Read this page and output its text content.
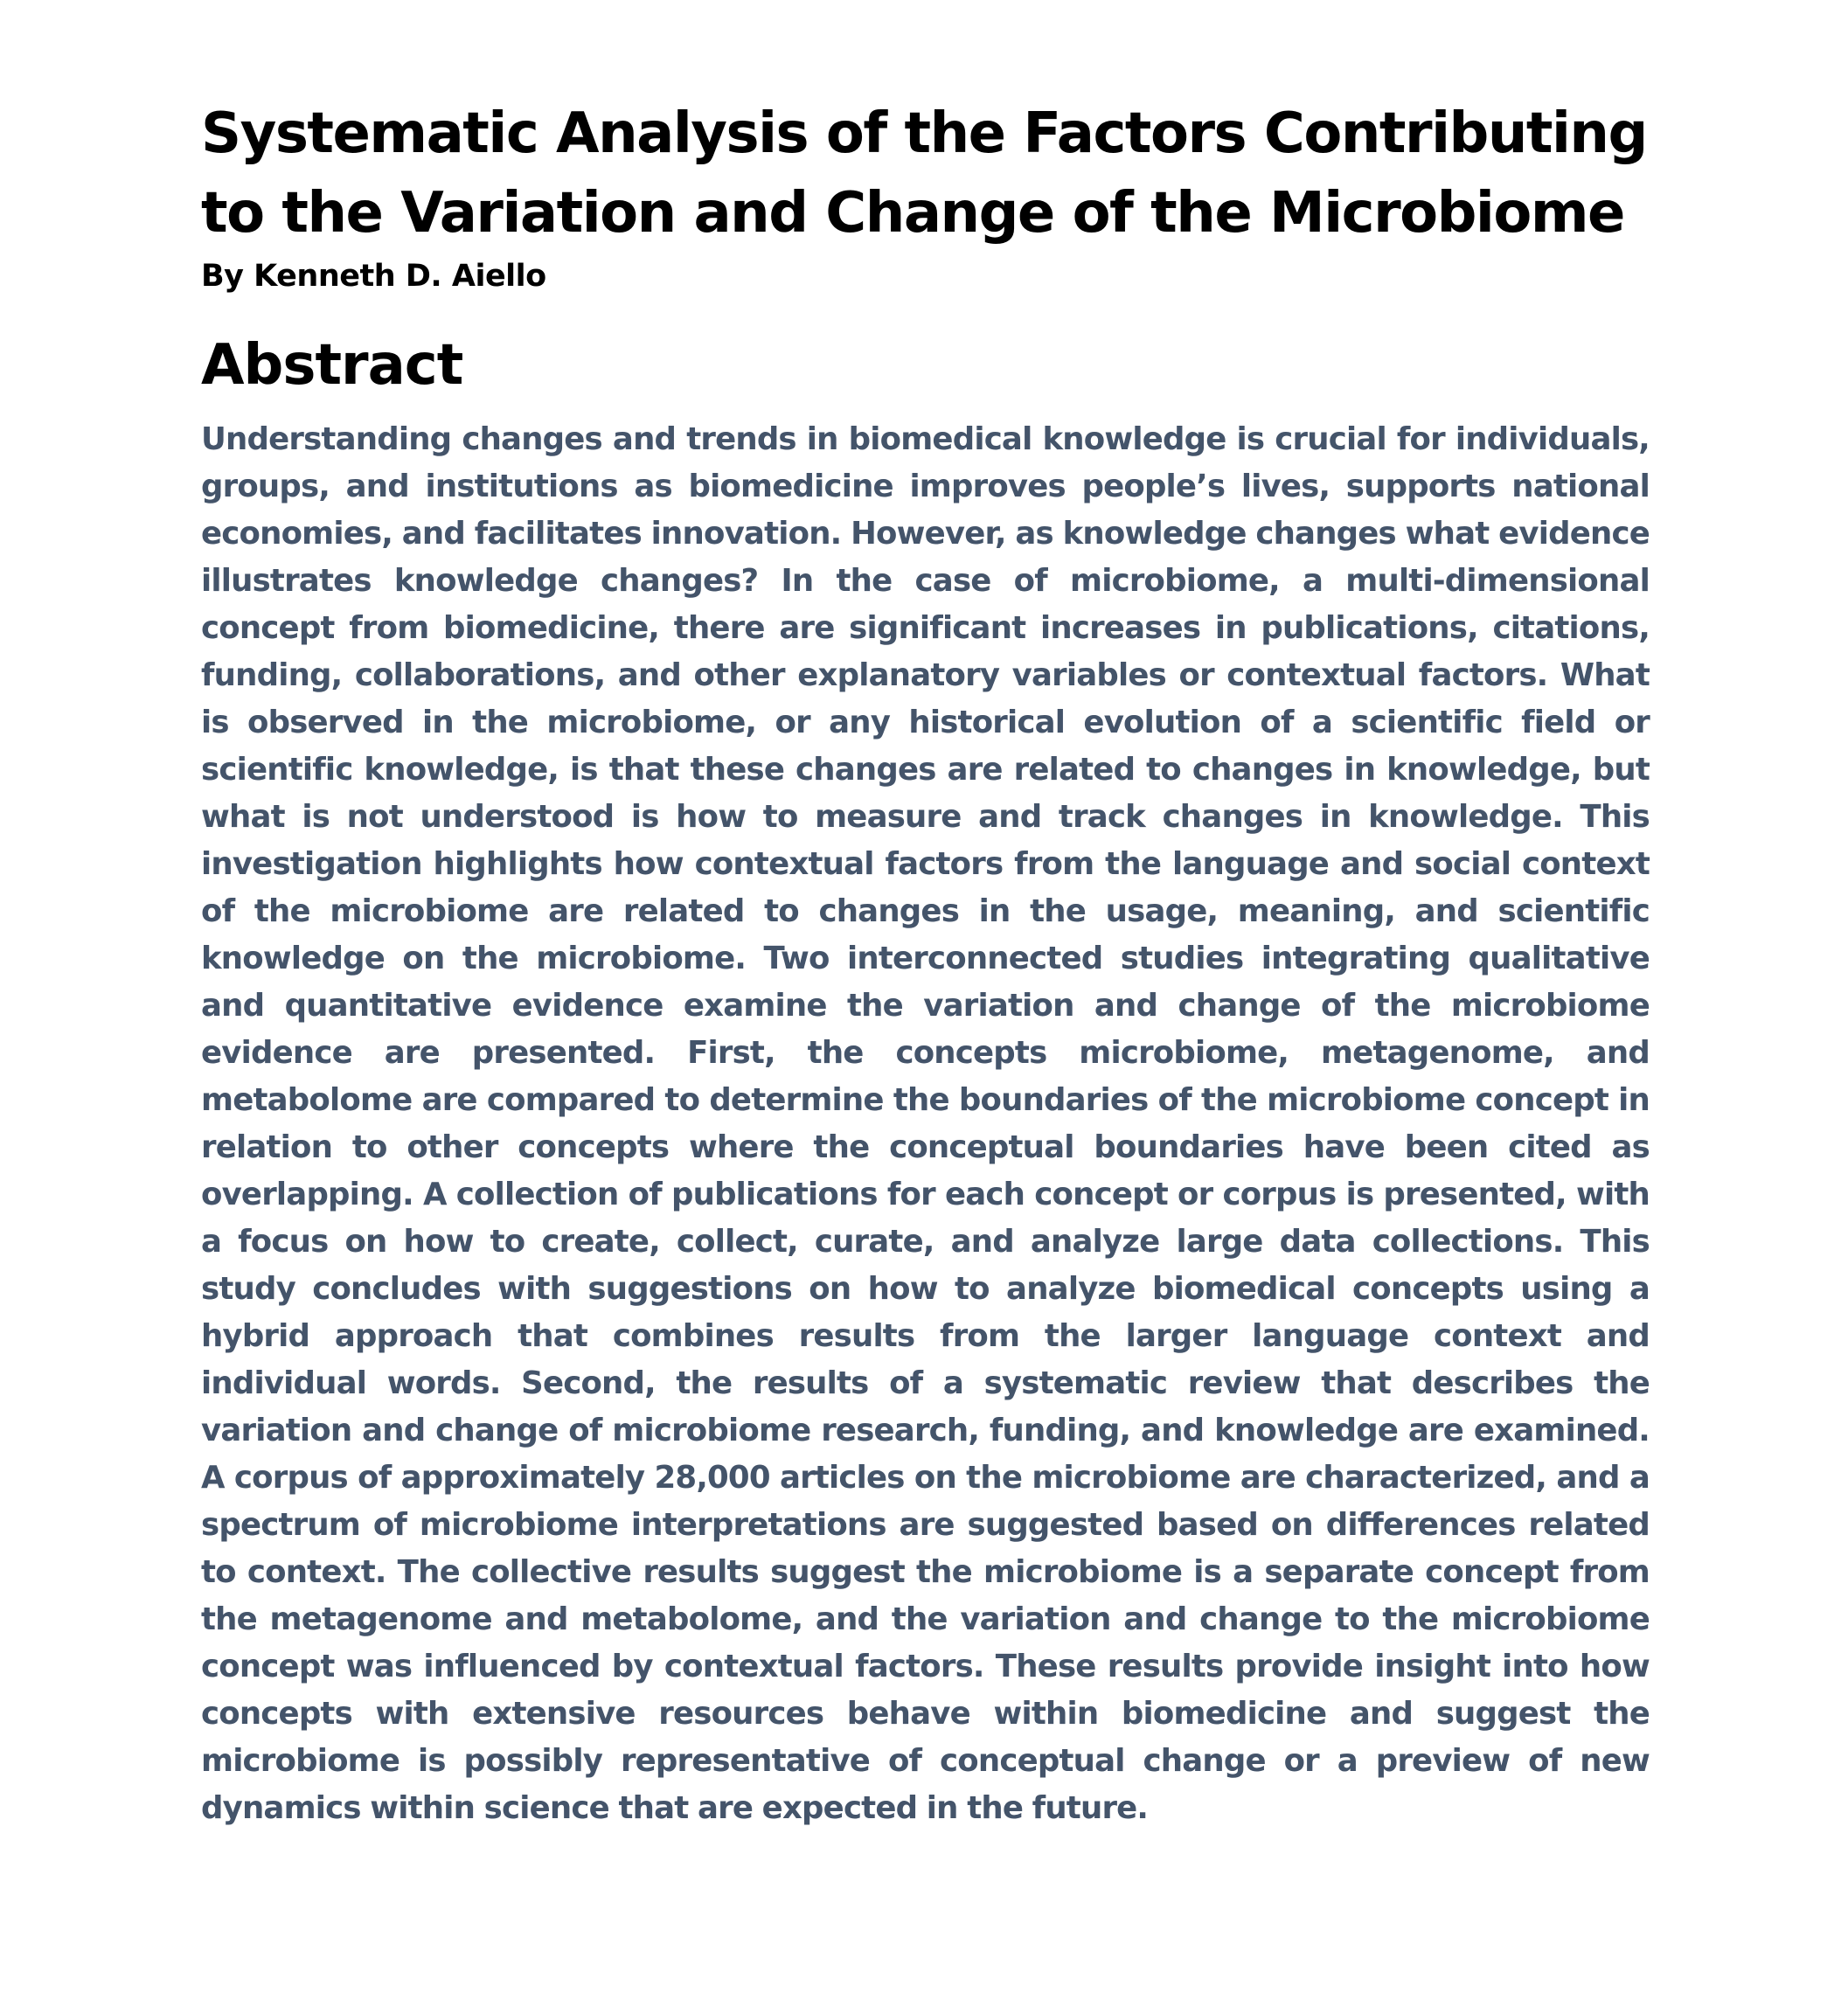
Systematic Analysis of the Factors Contributing to the Variation and Change of the Microbiome

By Kenneth D. Aiello

Abstract

Understanding changes and trends in biomedical knowledge is crucial for individuals, groups, and institutions as biomedicine improves people’s lives, supports national economies, and facilitates innovation. However, as knowledge changes what evidence illustrates knowledge changes? In the case of microbiome, a multi-dimensional concept from biomedicine, there are significant increases in publications, citations, funding, collaborations, and other explanatory variables or contextual factors. What is observed in the microbiome, or any historical evolution of a scientific field or scientific knowledge, is that these changes are related to changes in knowledge, but what is not understood is how to measure and track changes in knowledge. This investigation highlights how contextual factors from the language and social context of the microbiome are related to changes in the usage, meaning, and scientific knowledge on the microbiome. Two interconnected studies integrating qualitative and quantitative evidence examine the variation and change of the microbiome evidence are presented. First, the concepts microbiome, metagenome, and metabolome are compared to determine the boundaries of the microbiome concept in relation to other concepts where the conceptual boundaries have been cited as overlapping. A collection of publications for each concept or corpus is presented, with a focus on how to create, collect, curate, and analyze large data collections. This study concludes with suggestions on how to analyze biomedical concepts using a hybrid approach that combines results from the larger language context and individual words. Second, the results of a systematic review that describes the variation and change of microbiome research, funding, and knowledge are examined. A corpus of approximately 28,000 articles on the microbiome are characterized, and a spectrum of microbiome interpretations are suggested based on differences related to context. The collective results suggest the microbiome is a separate concept from the metagenome and metabolome, and the variation and change to the microbiome concept was influenced by contextual factors. These results provide insight into how concepts with extensive resources behave within biomedicine and suggest the microbiome is possibly representative of conceptual change or a preview of new dynamics within science that are expected in the future.
